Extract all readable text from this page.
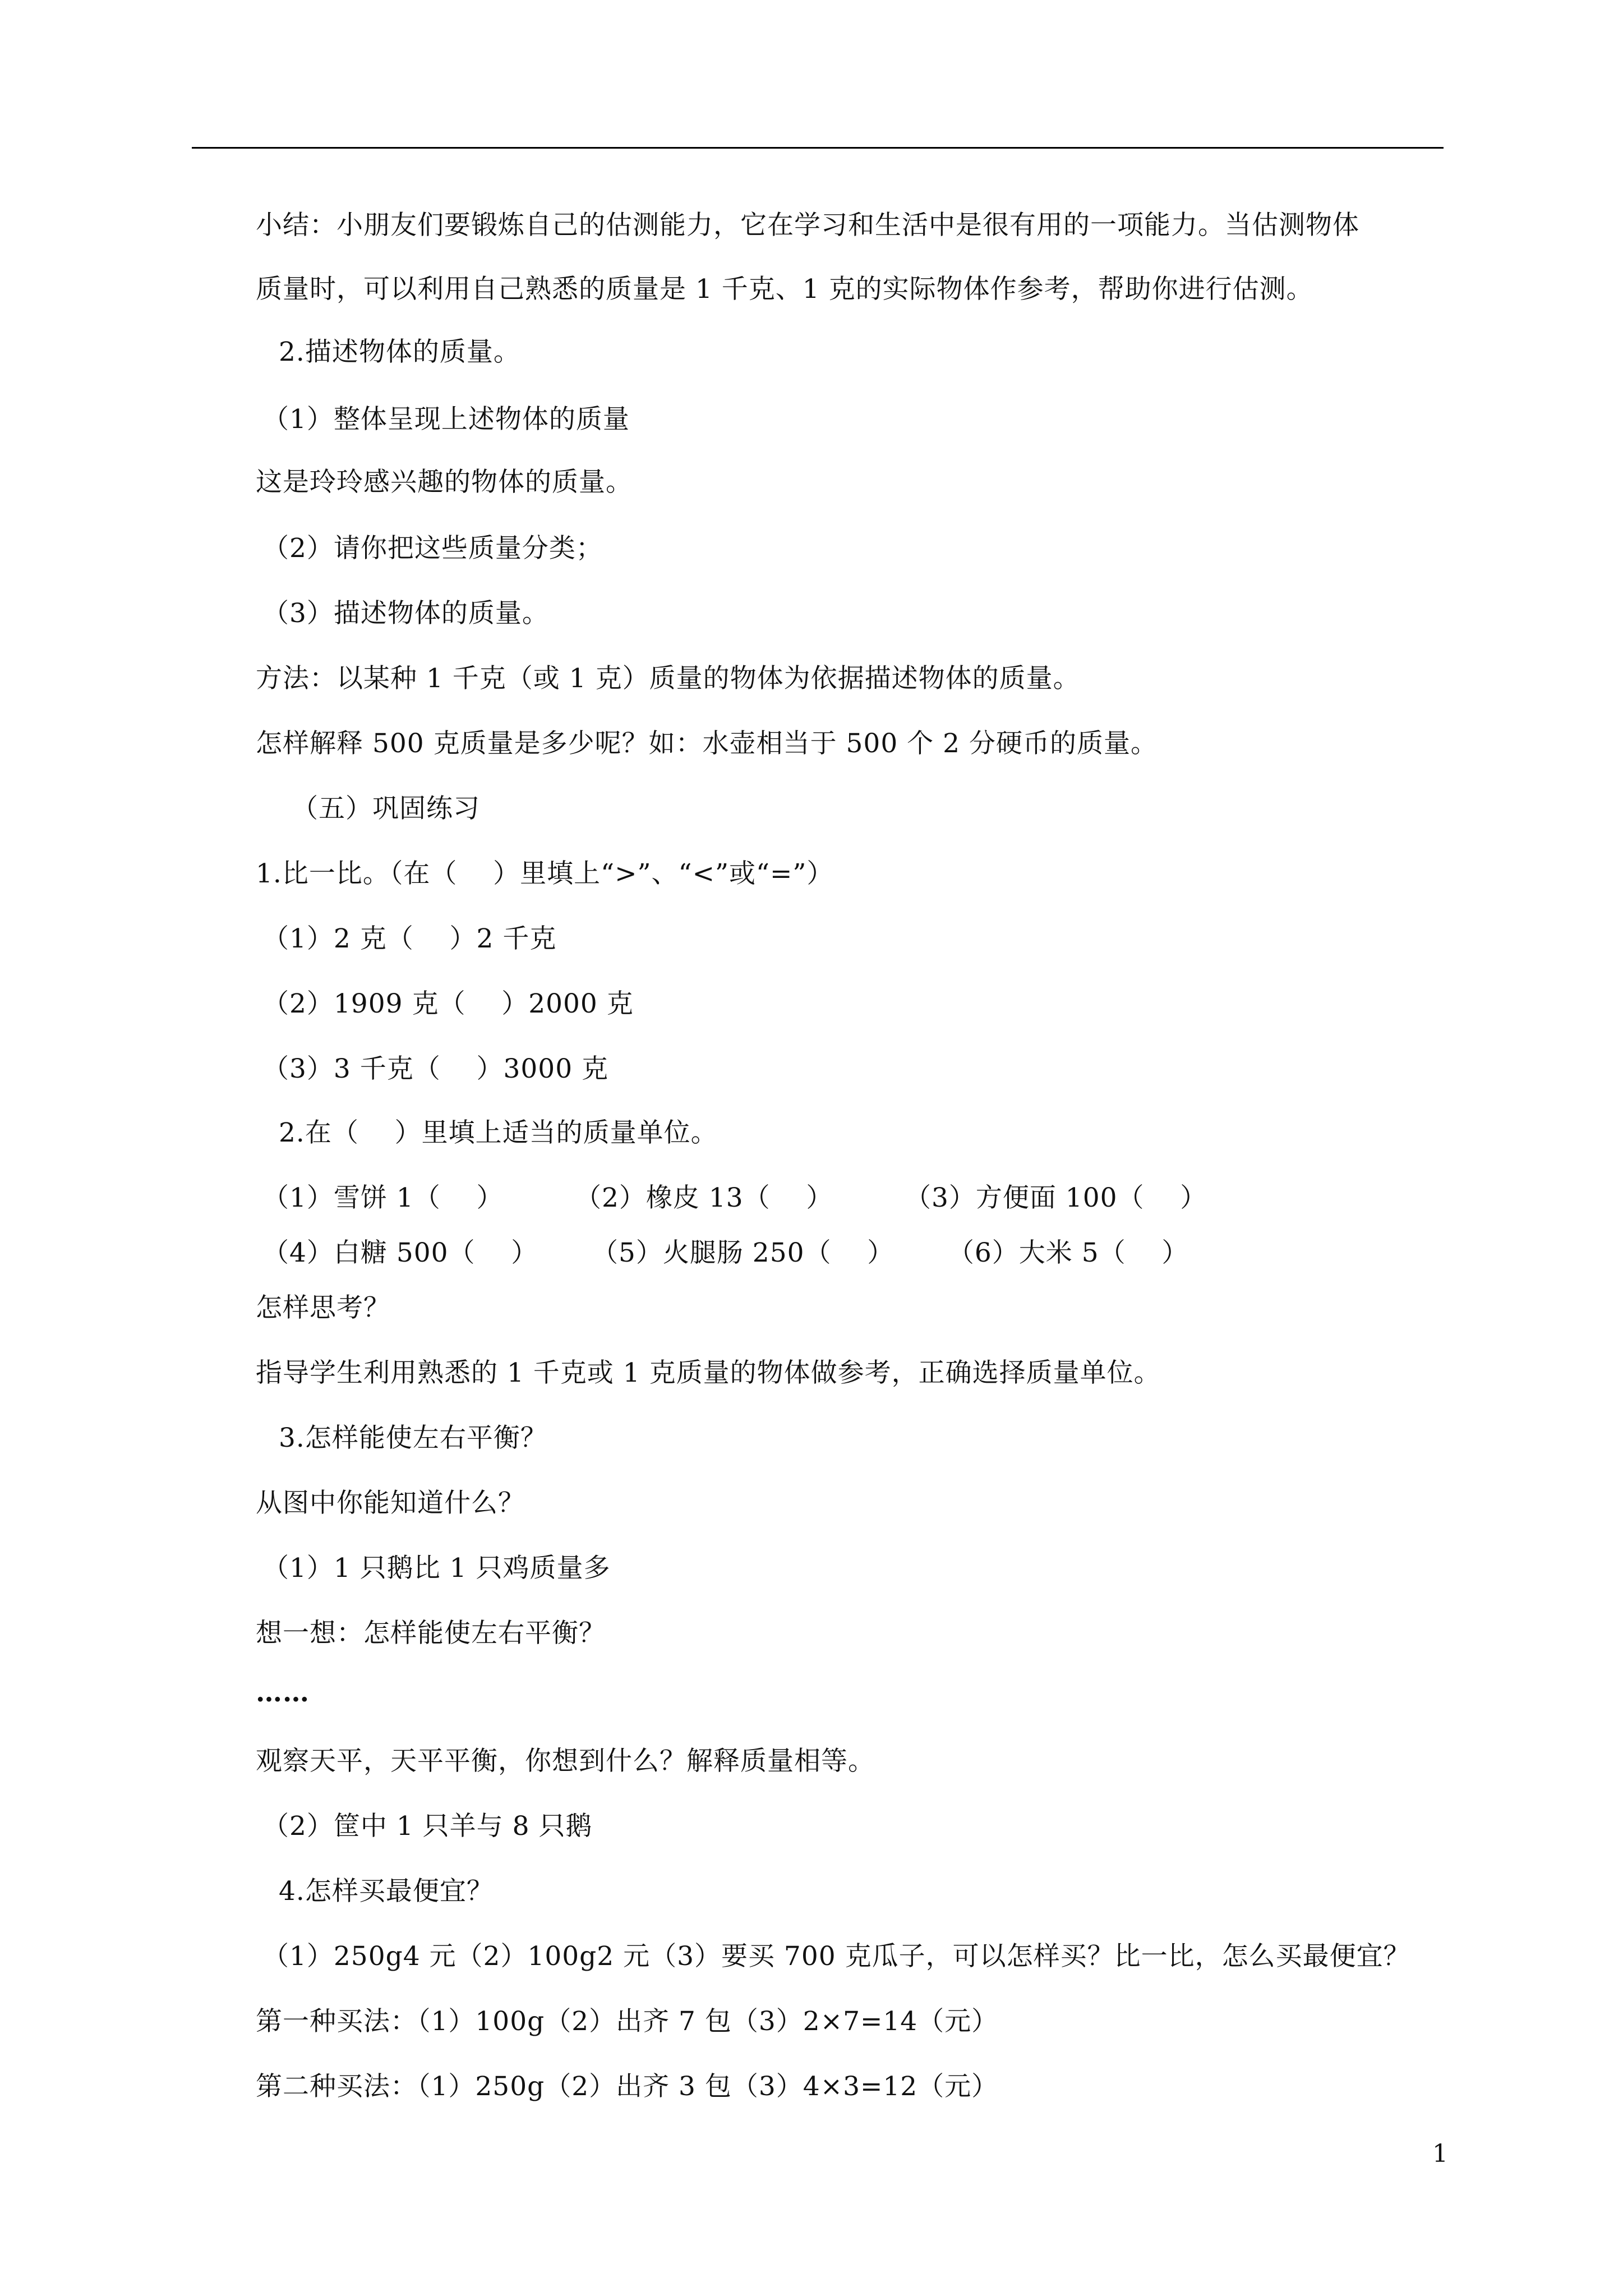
小结：小朋友们要锻炼自己的估测能力，它在学习和生活中是很有用的一项能力。当估测物体
质量时，可以利用自己熟悉的质量是 1 千克、1 克的实际物体作参考，帮助你进行估测。
2.描述物体的质量。
（1）整体呈现上述物体的质量
这是玲玲感兴趣的物体的质量。
（2）请你把这些质量分类；
（3）描述物体的质量。
方法：以某种 1 千克（或 1 克）质量的物体为依据描述物体的质量。
怎样解释 500 克质量是多少呢？如：水壶相当于 500 个 2 分硬币的质量。
（五）巩固练习
1.比一比。（在（    ）里填上“>”、“<”或“=”）
（1）2 克（    ）2 千克
（2）1909 克（    ）2000 克
（3）3 千克（    ）3000 克
2.在（    ）里填上适当的质量单位。
（1）雪饼 1（    ）        （2）橡皮 13（    ）        （3）方便面 100（    ）
（4）白糖 500（    ）      （5）火腿肠 250（    ）      （6）大米 5（    ）
怎样思考？
指导学生利用熟悉的 1 千克或 1 克质量的物体做参考，正确选择质量单位。
3.怎样能使左右平衡？
从图中你能知道什么？
（1）1 只鹅比 1 只鸡质量多
想一想：怎样能使左右平衡？
……
观察天平，天平平衡，你想到什么？解释质量相等。
（2）筐中 1 只羊与 8 只鹅
4.怎样买最便宜？
（1）250g4 元（2）100g2 元（3）要买 700 克瓜子，可以怎样买？比一比，怎么买最便宜？
第一种买法：（1）100g（2）出齐 7 包（3）2×7=14（元）
第二种买法：（1）250g（2）出齐 3 包（3）4×3=12（元）
1
